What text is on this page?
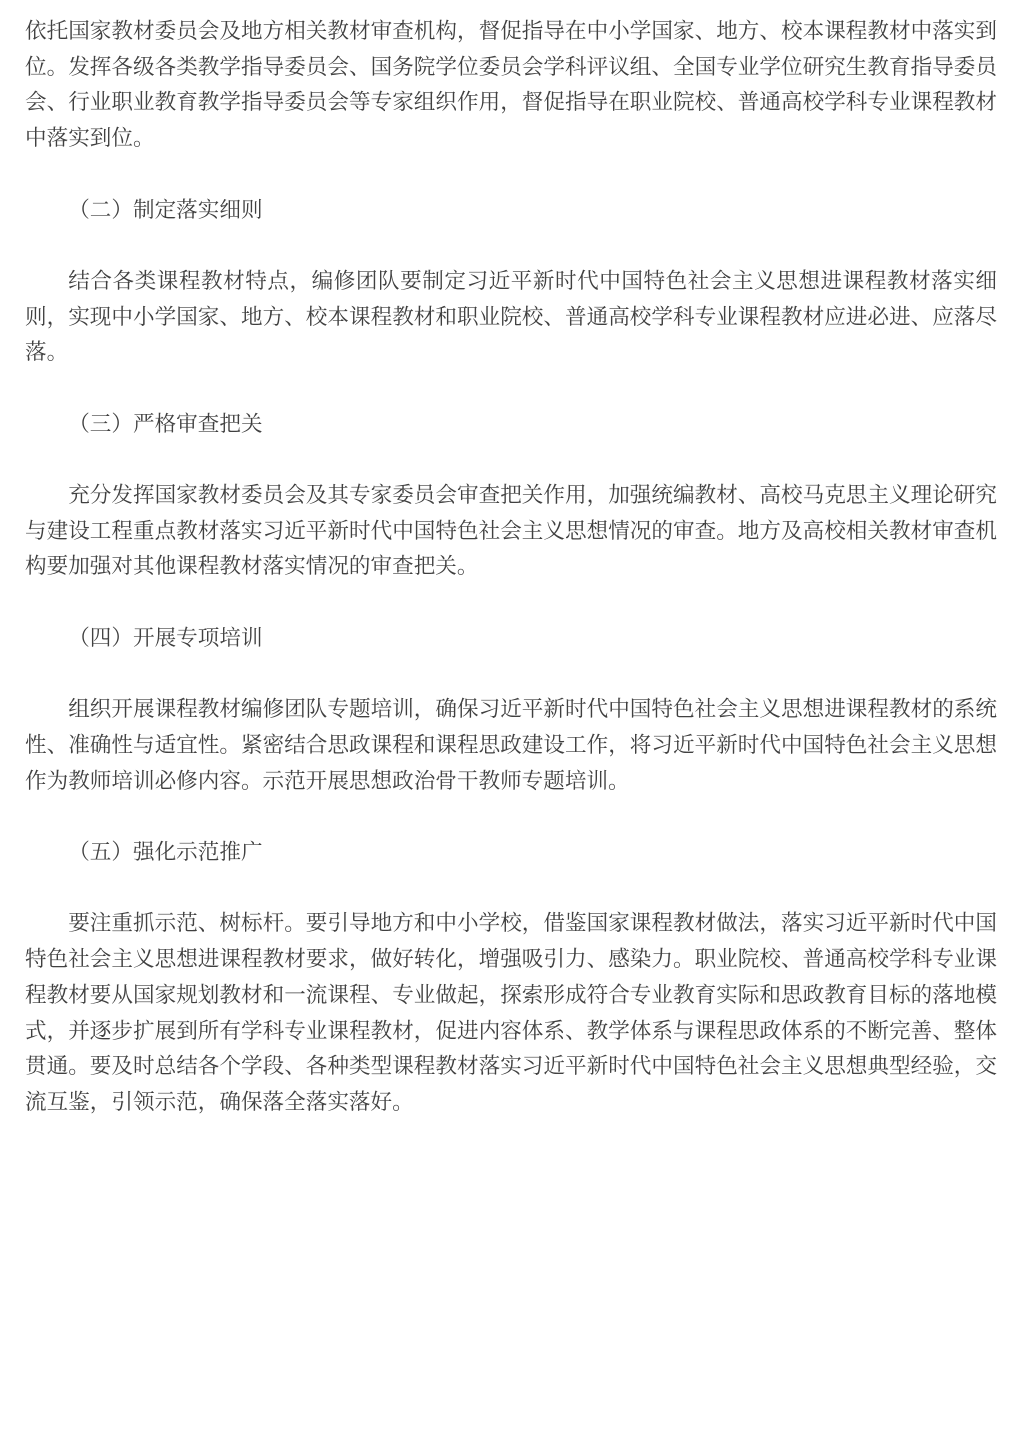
依托国家教材委员会及地方相关教材审查机构，督促指导在中小学国家、地方、校本课程教材中落实到位。发挥各级各类教学指导委员会、国务院学位委员会学科评议组、全国专业学位研究生教育指导委员会、行业职业教育教学指导委员会等专家组织作用，督促指导在职业院校、普通高校学科专业课程教材中落实到位。

（二）制定落实细则

结合各类课程教材特点，编修团队要制定习近平新时代中国特色社会主义思想进课程教材落实细则，实现中小学国家、地方、校本课程教材和职业院校、普通高校学科专业课程教材应进必进、应落尽落。

（三）严格审查把关

充分发挥国家教材委员会及其专家委员会审查把关作用，加强统编教材、高校马克思主义理论研究与建设工程重点教材落实习近平新时代中国特色社会主义思想情况的审查。地方及高校相关教材审查机构要加强对其他课程教材落实情况的审查把关。

（四）开展专项培训

组织开展课程教材编修团队专题培训，确保习近平新时代中国特色社会主义思想进课程教材的系统性、准确性与适宜性。紧密结合思政课程和课程思政建设工作，将习近平新时代中国特色社会主义思想作为教师培训必修内容。示范开展思想政治骨干教师专题培训。

（五）强化示范推广

要注重抓示范、树标杆。要引导地方和中小学校，借鉴国家课程教材做法，落实习近平新时代中国特色社会主义思想进课程教材要求，做好转化，增强吸引力、感染力。职业院校、普通高校学科专业课程教材要从国家规划教材和一流课程、专业做起，探索形成符合专业教育实际和思政教育目标的落地模式，并逐步扩展到所有学科专业课程教材，促进内容体系、教学体系与课程思政体系的不断完善、整体贯通。要及时总结各个学段、各种类型课程教材落实习近平新时代中国特色社会主义思想典型经验，交流互鉴，引领示范，确保落全落实落好。
